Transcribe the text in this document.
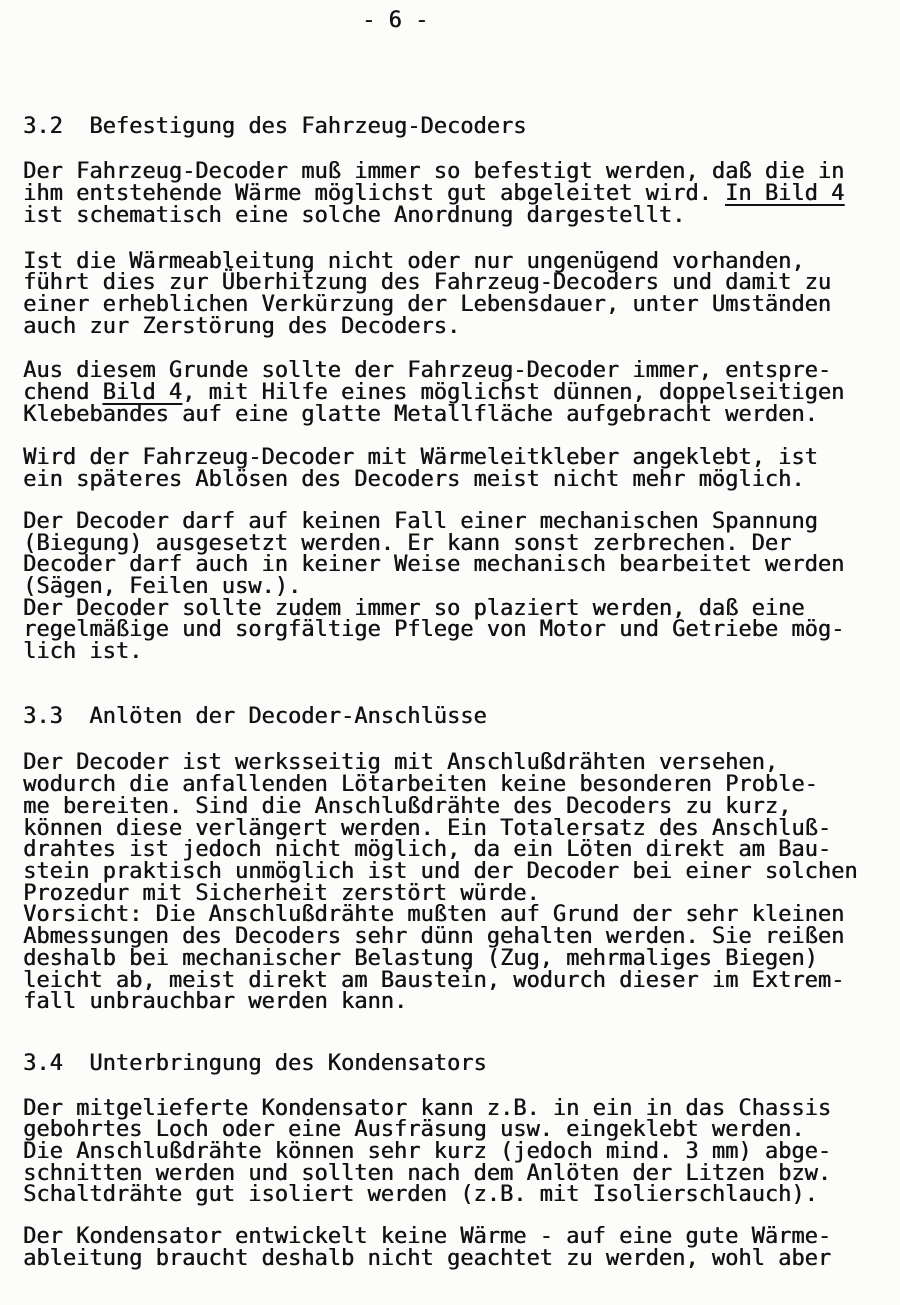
- 6 -
3.2 Befestigung des Fahrzeug-Decoders
Der Fahrzeug-Decoder muß immer so befestigt werden, daß die in
ihm entstehende Wärme möglichst gut abgeleitet wird. In Bild 4
ist schematisch eine solche Anordnung dargestellt.
Ist die Wärmeableitung nicht oder nur ungenügend vorhanden,
führt dies zur Überhitzung des Fahrzeug-Decoders und damit zu
einer erheblichen Verkürzung der Lebensdauer, unter Umständen
auch zur Zerstörung des Decoders.
Aus diesem Grunde sollte der Fahrzeug-Decoder immer, entspre-
chend Bild 4, mit Hilfe eines möglichst dünnen, doppelseitigen
Klebebandes auf eine glatte Metallfläche aufgebracht werden.
Wird der Fahrzeug-Decoder mit Wärmeleitkleber angeklebt, ist
ein späteres Ablösen des Decoders meist nicht mehr möglich.
Der Decoder darf auf keinen Fall einer mechanischen Spannung
(Biegung) ausgesetzt werden. Er kann sonst zerbrechen. Der
Decoder darf auch in keiner Weise mechanisch bearbeitet werden
(Sägen, Feilen usw.).
Der Decoder sollte zudem immer so plaziert werden, daß eine
regelmäßige und sorgfältige Pflege von Motor und Getriebe mög-
lich ist.
3.3 Anlöten der Decoder-Anschlüsse
Der Decoder ist werksseitig mit Anschlußdrähten versehen,
wodurch die anfallenden Lötarbeiten keine besonderen Proble-
me bereiten. Sind die Anschlußdrähte des Decoders zu kurz,
können diese verlängert werden. Ein Totalersatz des Anschluß-
drahtes ist jedoch nicht möglich, da ein Löten direkt am Bau-
stein praktisch unmöglich ist und der Decoder bei einer solchen
Prozedur mit Sicherheit zerstört würde.
Vorsicht: Die Anschlußdrähte mußten auf Grund der sehr kleinen
Abmessungen des Decoders sehr dünn gehalten werden. Sie reißen
deshalb bei mechanischer Belastung (Zug, mehrmaliges Biegen)
leicht ab, meist direkt am Baustein, wodurch dieser im Extrem-
fall unbrauchbar werden kann.
3.4 Unterbringung des Kondensators
Der mitgelieferte Kondensator kann z.B. in ein in das Chassis
gebohrtes Loch oder eine Ausfräsung usw. eingeklebt werden.
Die Anschlußdrähte können sehr kurz (jedoch mind. 3 mm) abge-
schnitten werden und sollten nach dem Anlöten der Litzen bzw.
Schaltdrähte gut isoliert werden (z.B. mit Isolierschlauch).
Der Kondensator entwickelt keine Wärme - auf eine gute Wärme-
ableitung braucht deshalb nicht geachtet zu werden, wohl aber
